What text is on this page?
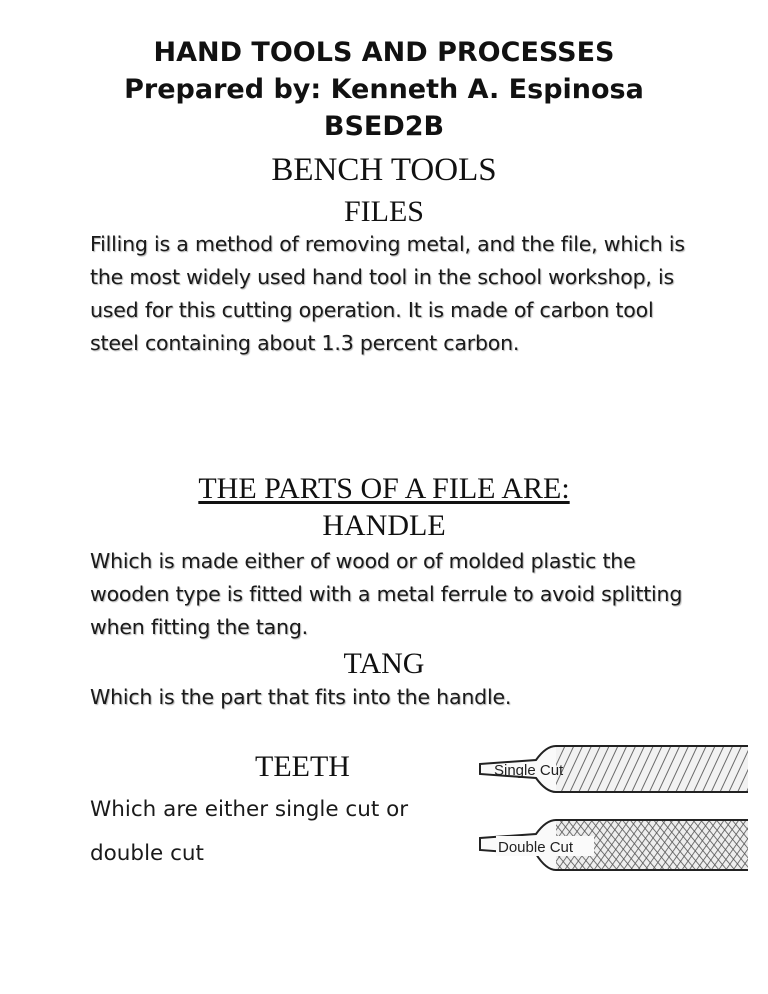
HAND TOOLS AND PROCESSES
Prepared by: Kenneth A. Espinosa
BSED2B
BENCH TOOLS
FILES
Filling is a method of removing metal, and the file, which is the most widely used hand tool in the school workshop, is used for this cutting operation. It is made of carbon tool steel containing about 1.3 percent carbon.
THE PARTS OF A FILE ARE:
HANDLE
Which is made either of wood or of molded plastic the wooden type is fitted with a metal ferrule to avoid splitting when fitting the tang.
TANG
Which is the part that fits into the handle.
TEETH
Which are either single cut or double cut
Single Cut
Double Cut
